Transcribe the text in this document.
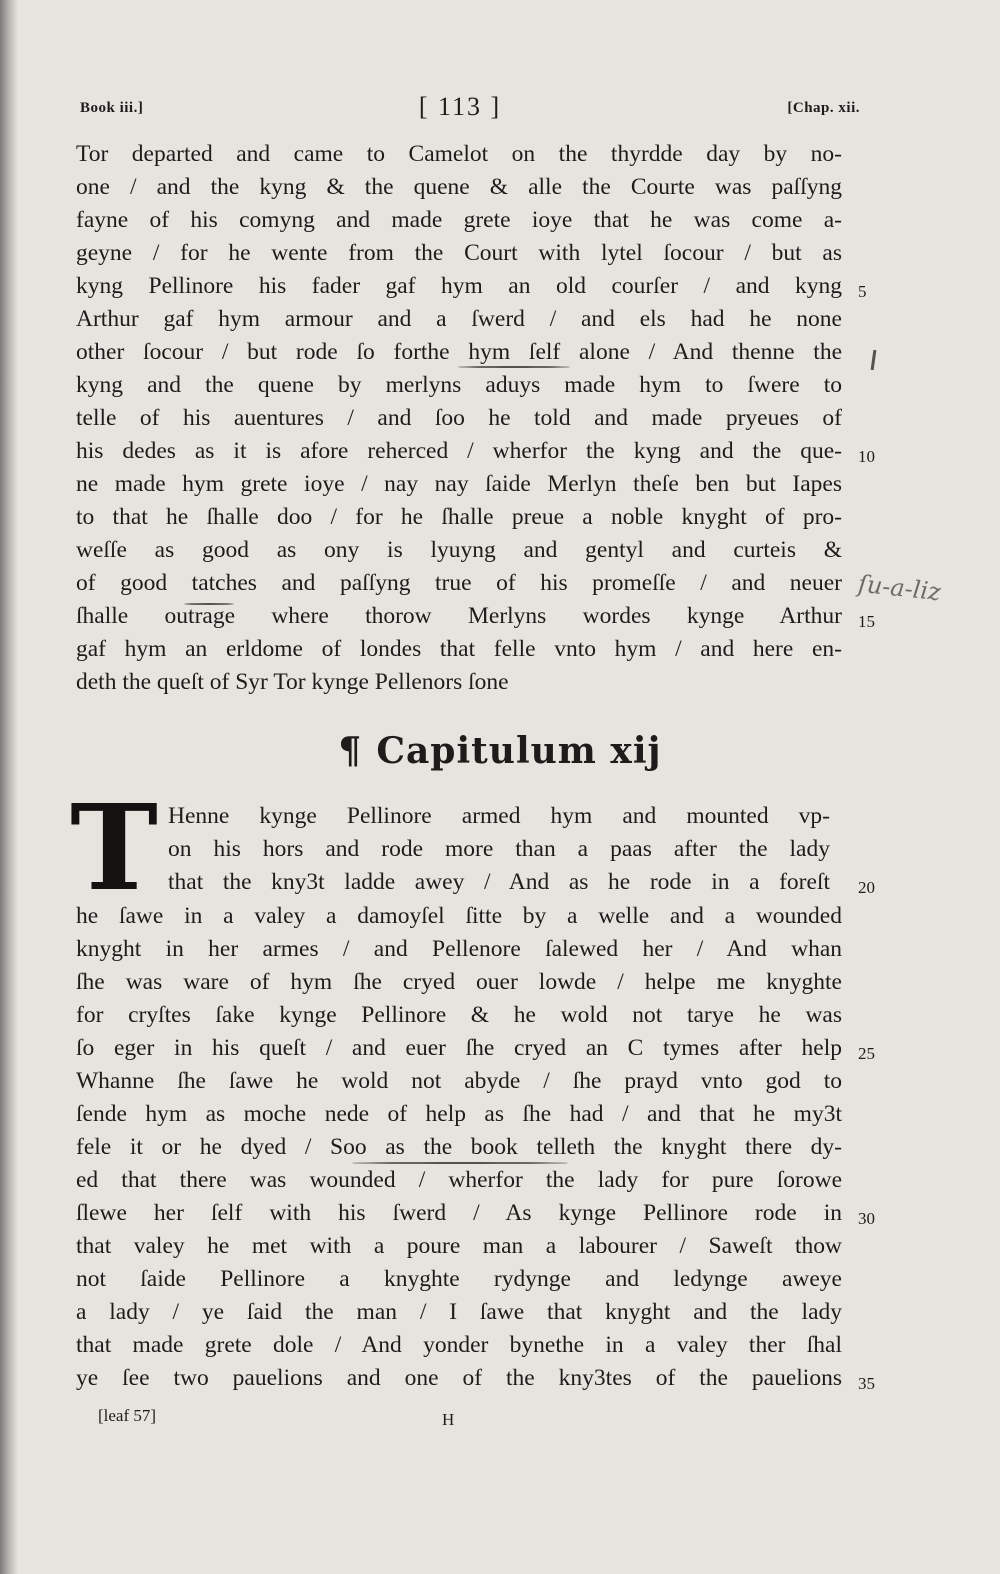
Book iii.]	[ 113 ]	[Chap. xii.
Tor departed and came to Camelot on the thyrdde day by no-
one / and the kyng & the quene & alle the Courte was paſſyng
fayne of his comyng and made grete ioye that he was come a-
geyne / for he wente from the Court with lytel ſocour / but as
kyng Pellinore his fader gaf hym an old courſer / and kyng
Arthur gaf hym armour and a ſwerd / and els had he none
other ſocour / but rode ſo forthe hym ſelf alone / And thenne the
kyng and the quene by merlyns aduys made hym to ſwere to
telle of his auentures / and ſoo he told and made pryeues of
his dedes as it is afore reherced / wherfor the kyng and the que-
ne made hym grete ioye / nay nay ſaide Merlyn theſe ben but Iapes
to that he ſhalle doo / for he ſhalle preue a noble knyght of pro-
weſſe as good as ony is lyuyng and gentyl and curteis &
of good tatches and paſſyng true of his promeſſe / and neuer
ſhalle outrage where thorow Merlyns wordes kynge Arthur
gaf hym an erldome of londes that felle vnto hym / and here en-
deth the queſt of Syr Tor kynge Pellenors ſone
¶ Capitulum xij
T Henne kynge Pellinore armed hym and mounted vp-
on his hors and rode more than a paas after the lady
that the kny3t ladde awey / And as he rode in a foreſt
he ſawe in a valey a damoyſel ſitte by a welle and a wounded
knyght in her armes / and Pellenore ſalewed her / And whan
ſhe was ware of hym ſhe cryed ouer lowde / helpe me knyghte
for cryſtes ſake kynge Pellinore & he wold not tarye he was
ſo eger in his queſt / and euer ſhe cryed an C tymes after help
Whanne ſhe ſawe he wold not abyde / ſhe prayd vnto god to
ſende hym as moche nede of help as ſhe had / and that he my3t
fele it or he dyed / Soo as the book telleth the knyght there dy-
ed that there was wounded / wherfor the lady for pure ſorowe
ſlewe her ſelf with his ſwerd / As kynge Pellinore rode in
that valey he met with a poure man a labourer / Saweſt thow
not ſaide Pellinore a knyghte rydynge and ledynge aweye
a lady / ye ſaid the man / I ſawe that knyght and the lady
that made grete dole / And yonder bynethe in a valey ther ſhal
ye ſee two pauelions and one of the kny3tes of the pauelions
5
10
15
20
25
30
35
ſu-a-liz
[leaf 57]	H
